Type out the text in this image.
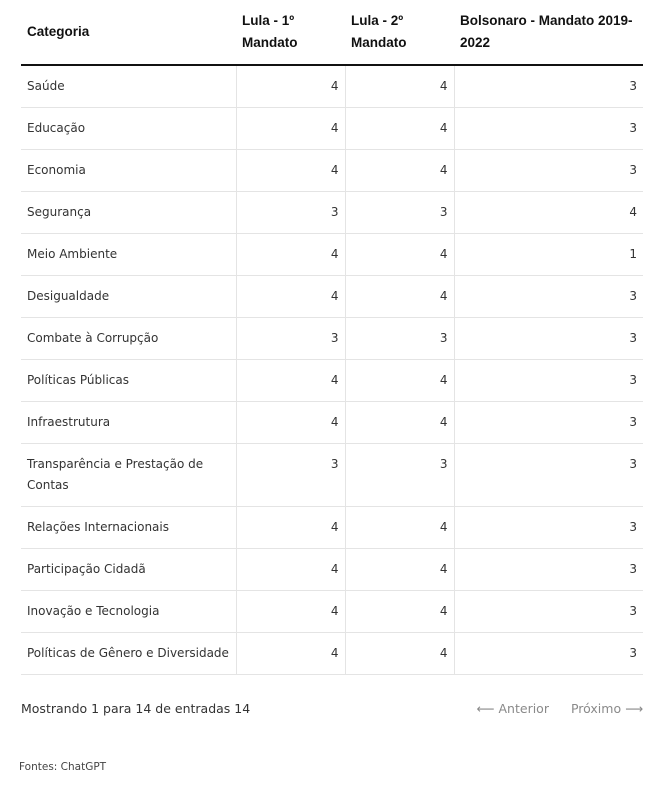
Categoria	Lula - 1º Mandato	Lula - 2º Mandato	Bolsonaro - Mandato 2019-2022
Saúde	4	4	3
Educação	4	4	3
Economia	4	4	3
Segurança	3	3	4
Meio Ambiente	4	4	1
Desigualdade	4	4	3
Combate à Corrupção	3	3	3
Políticas Públicas	4	4	3
Infraestrutura	4	4	3
Transparência e Prestação de Contas	3	3	3
Relações Internacionais	4	4	3
Participação Cidadã	4	4	3
Inovação e Tecnologia	4	4	3
Políticas de Gênero e Diversidade	4	4	3
Mostrando 1 para 14 de entradas 14	⟵ Anterior Próximo ⟶
Fontes: ChatGPT
